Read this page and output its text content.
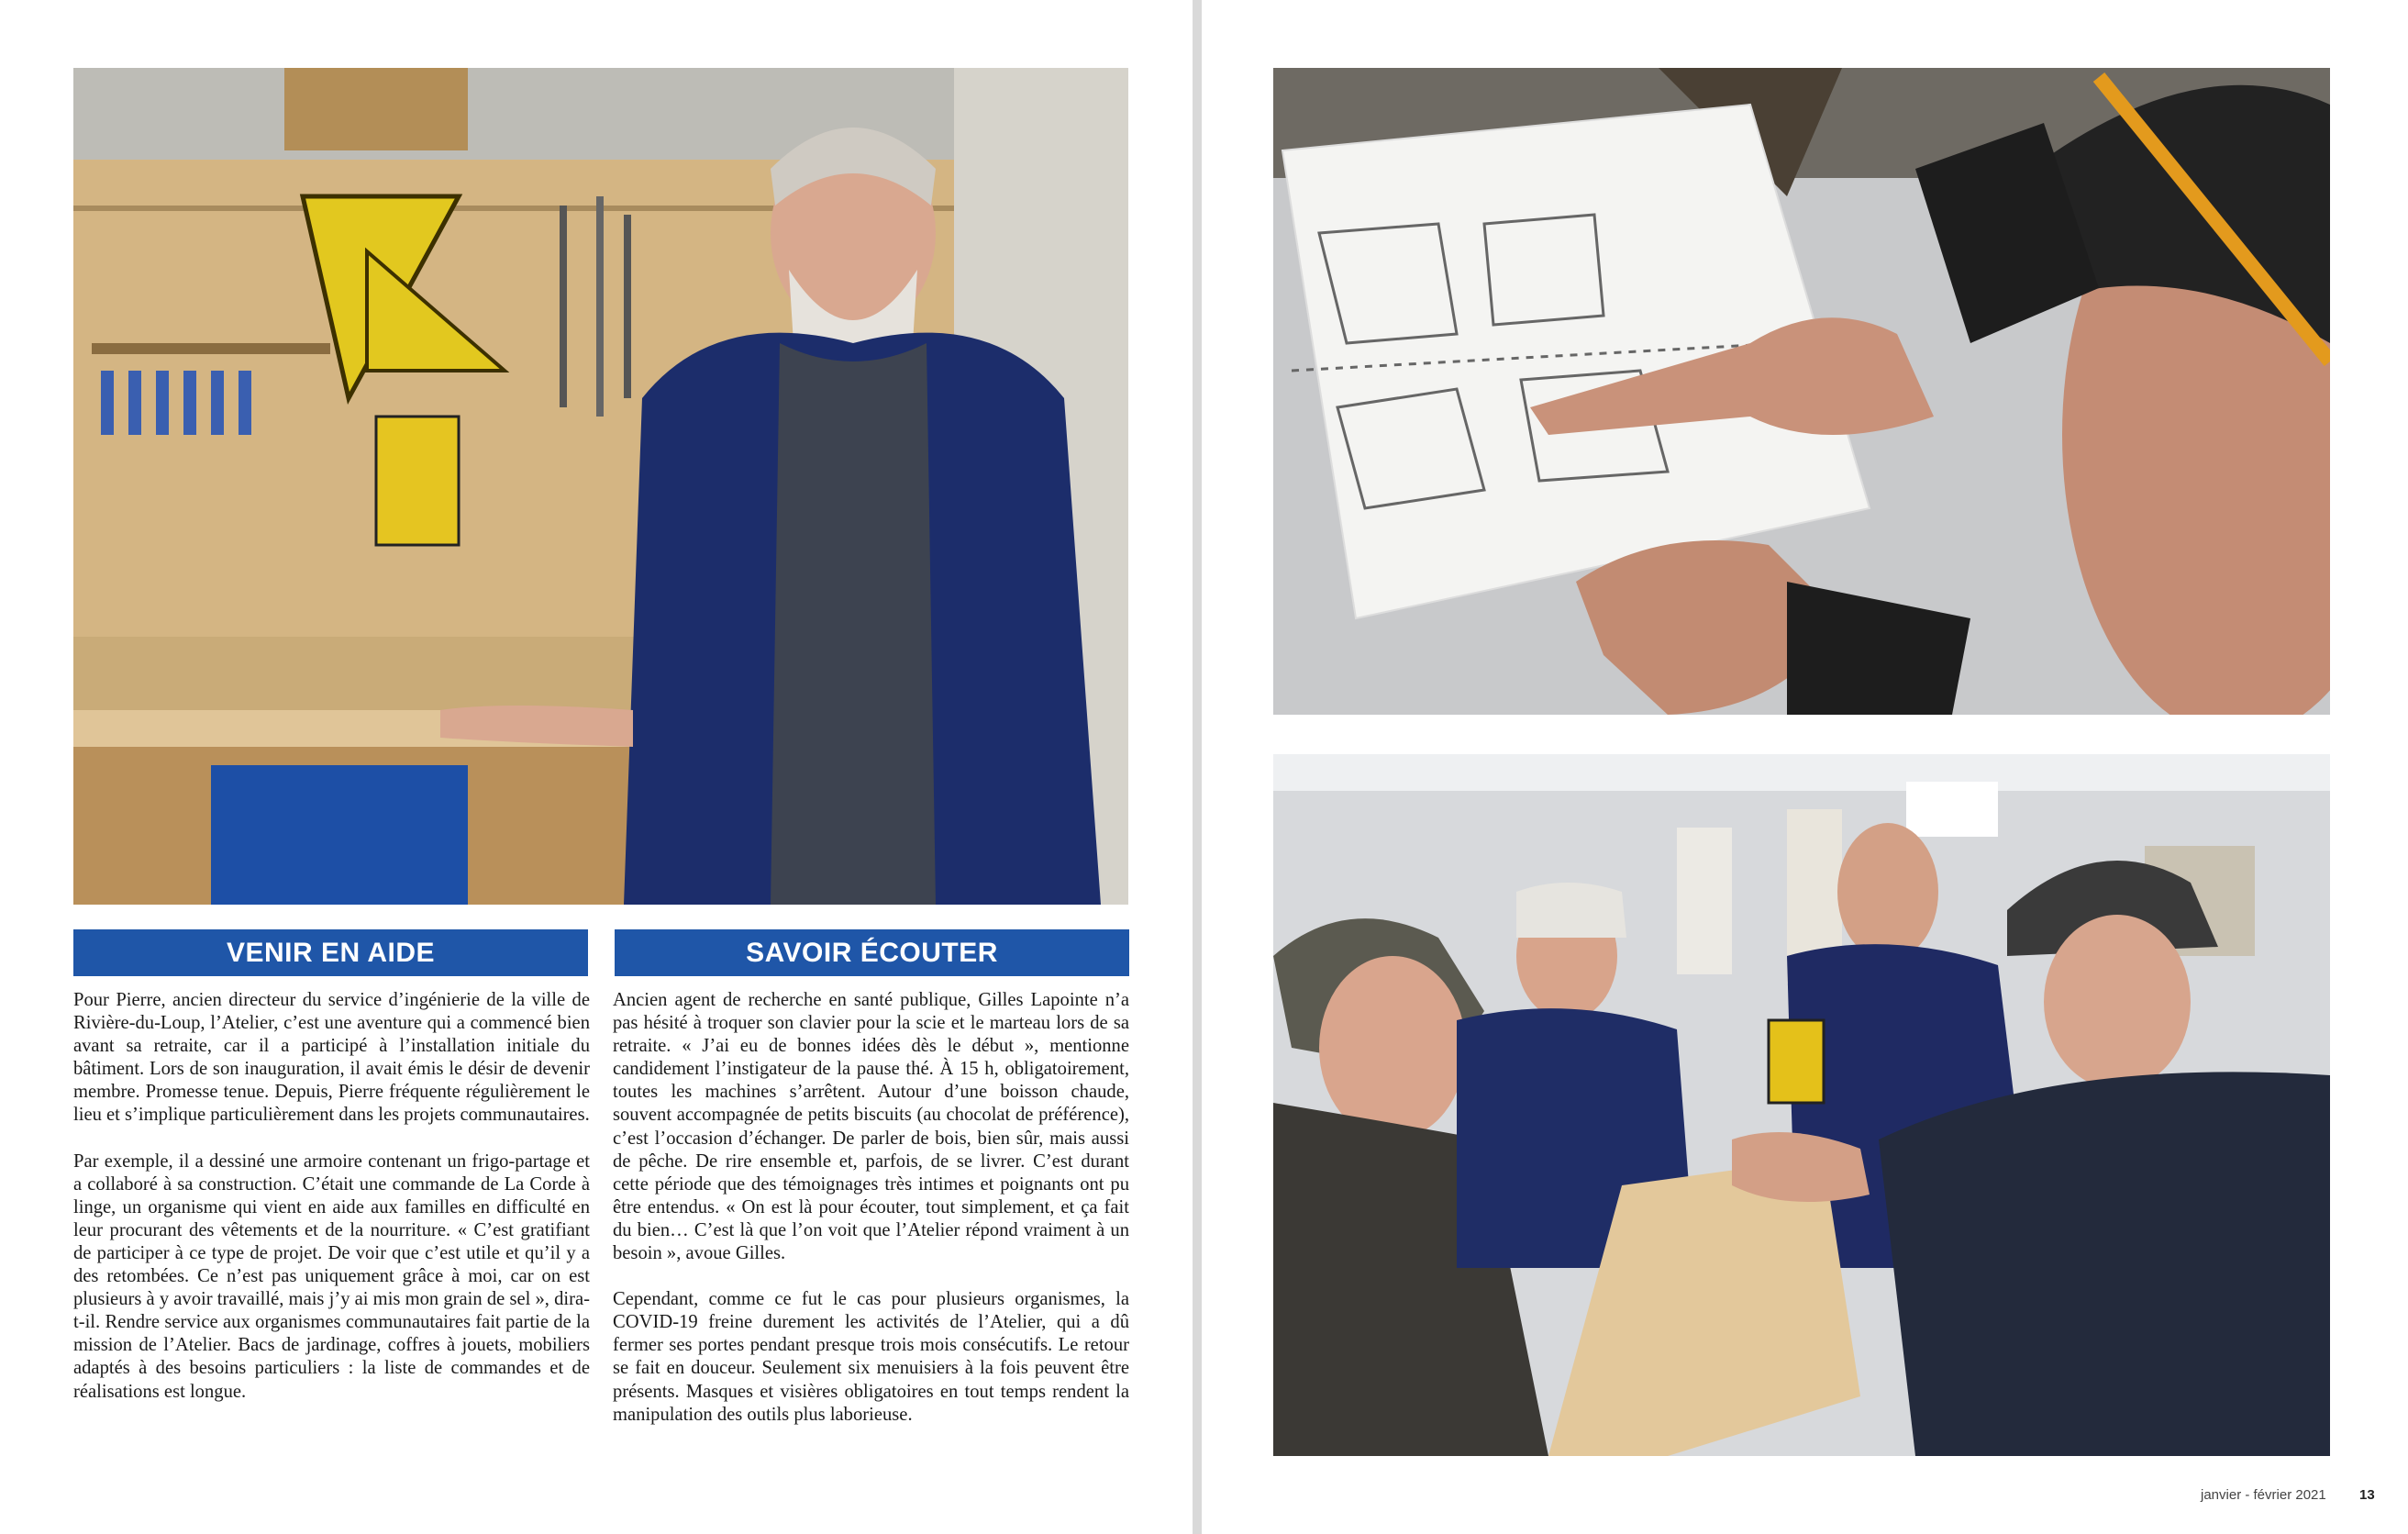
VENIR EN AIDE	SAVOIR ÉCOUTER

Pour Pierre, ancien directeur du service d’ingénierie de la ville de Rivière-du-Loup, l’Atelier, c’est une aventure qui a commencé bien avant sa retraite, car il a participé à l’installation initiale du bâtiment. Lors de son inauguration, il avait émis le désir de devenir membre. Promesse tenue. Depuis, Pierre fréquente régulièrement le lieu et s’implique particulièrement dans les projets communautaires.

Par exemple, il a dessiné une armoire contenant un frigo-partage et a collaboré à sa construction. C’était une commande de La Corde à linge, un organisme qui vient en aide aux familles en difficulté en leur procurant des vêtements et de la nourriture. « C’est gratifiant de participer à ce type de projet. De voir que c’est utile et qu’il y a des retombées. Ce n’est pas uniquement grâce à moi, car on est plusieurs à y avoir travaillé, mais j’y ai mis mon grain de sel », dira-t-il. Rendre service aux organismes communautaires fait partie de la mission de l’Atelier. Bacs de jardinage, coffres à jouets, mobiliers adaptés à des besoins particuliers : la liste de commandes et de réalisations est longue.

Ancien agent de recherche en santé publique, Gilles Lapointe n’a pas hésité à troquer son clavier pour la scie et le marteau lors de sa retraite. « J’ai eu de bonnes idées dès le début », mentionne candidement l’instigateur de la pause thé. À 15 h, obligatoirement, toutes les machines s’arrêtent. Autour d’une boisson chaude, souvent accompagnée de petits biscuits (au chocolat de préférence), c’est l’occasion d’échanger. De parler de bois, bien sûr, mais aussi de pêche. De rire ensemble et, parfois, de se livrer. C’est durant cette période que des témoignages très intimes et poignants ont pu être entendus. « On est là pour écouter, tout simplement, et ça fait du bien… C’est là que l’on voit que l’Atelier répond vraiment à un besoin », avoue Gilles.

Cependant, comme ce fut le cas pour plusieurs organismes, la COVID-19 freine durement les activités de l’Atelier, qui a dû fermer ses portes pendant presque trois mois consécutifs. Le retour se fait en douceur. Seulement six menuisiers à la fois peuvent être présents. Masques et visières obligatoires en tout temps rendent la manipulation des outils plus laborieuse.

janvier - février 2021 13
